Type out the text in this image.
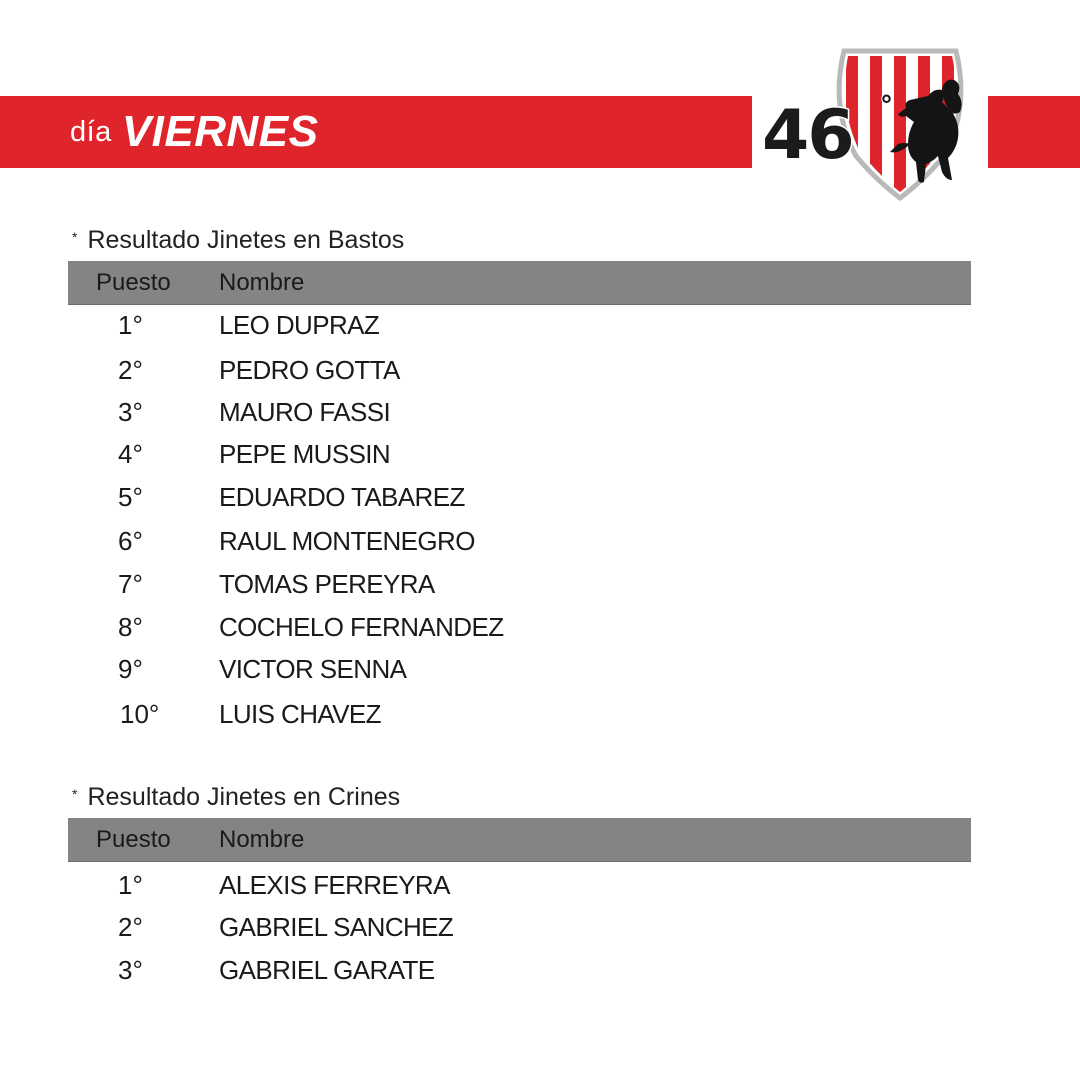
día VIERNES	46 °
* Resultado Jinetes en Bastos
Puesto Nombre
1°	LEO DUPRAZ
2°	PEDRO GOTTA
3°	MAURO FASSI
4°	PEPE MUSSIN
5°	EDUARDO TABAREZ
6°	RAUL MONTENEGRO
7°	TOMAS PEREYRA
8°	COCHELO FERNANDEZ
9°	VICTOR SENNA
10°	LUIS CHAVEZ
* Resultado Jinetes en Crines
Puesto Nombre
1°	ALEXIS FERREYRA
2°	GABRIEL SANCHEZ
3°	GABRIEL GARATE
